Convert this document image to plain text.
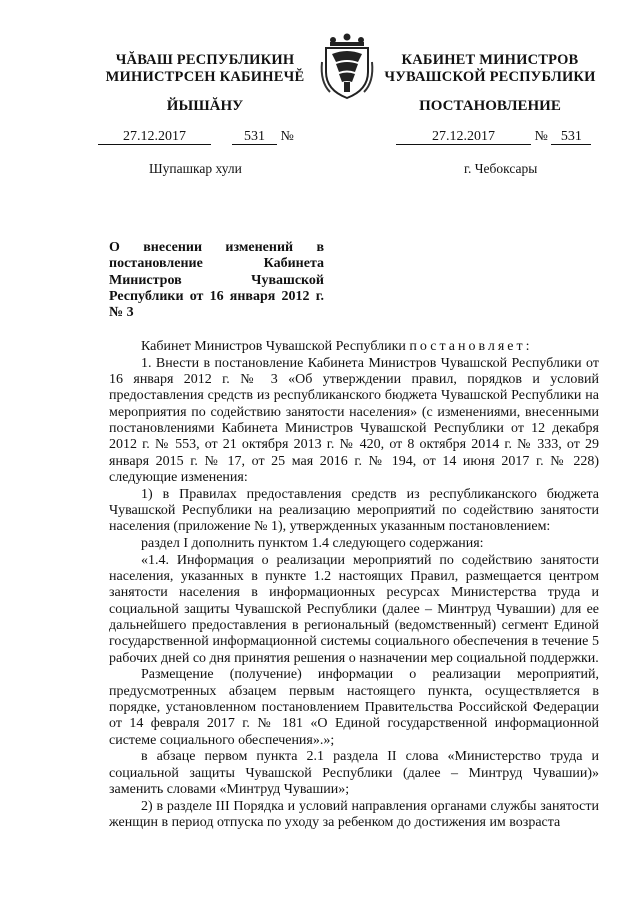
ЧĂВАШ РЕСПУБЛИКИН
МИНИСТРСЕН КАБИНЕЧĔ
ЙЫШĂНУ
КАБИНЕТ МИНИСТРОВ
ЧУВАШСКОЙ РЕСПУБЛИКИ
ПОСТАНОВЛЕНИЕ
27.12.2017	531 №	27.12.2017	№ 531
Шупашкар хули	г. Чебоксары
О внесении изменений в постановление Кабинета Министров Чувашской Республики от 16 января 2012 г. № 3

Кабинет Министров Чувашской Республики постановляет:

1. Внести в постановление Кабинета Министров Чувашской Республики от 16 января 2012 г. № 3 «Об утверждении правил, порядков и условий предоставления средств из республиканского бюджета Чувашской Республики на мероприятия по содействию занятости населения» (с изменениями, внесенными постановлениями Кабинета Министров Чувашской Республики от 12 декабря 2012 г. № 553, от 21 октября 2013 г. № 420, от 8 октября 2014 г. № 333, от 29 января 2015 г. № 17, от 25 мая 2016 г. № 194, от 14 июня 2017 г. № 228) следующие изменения:

1) в Правилах предоставления средств из республиканского бюджета Чувашской Республики на реализацию мероприятий по содействию занятости населения (приложение № 1), утвержденных указанным постановлением:

раздел I дополнить пунктом 1.4 следующего содержания:

«1.4. Информация о реализации мероприятий по содействию занятости населения, указанных в пункте 1.2 настоящих Правил, размещается центром занятости населения в информационных ресурсах Министерства труда и социальной защиты Чувашской Республики (далее – Минтруд Чувашии) для ее дальнейшего предоставления в региональный (ведомственный) сегмент Единой государственной информационной системы социального обеспечения в течение 5 рабочих дней со дня принятия решения о назначении мер социальной поддержки.

Размещение (получение) информации о реализации мероприятий, предусмотренных абзацем первым настоящего пункта, осуществляется в порядке, установленном постановлением Правительства Российской Федерации от 14 февраля 2017 г. № 181 «О Единой государственной информационной системе социального обеспечения».»;

в абзаце первом пункта 2.1 раздела II слова «Министерство труда и социальной защиты Чувашской Республики (далее – Минтруд Чувашии)» заменить словами «Минтруд Чувашии»;

2) в разделе III Порядка и условий направления органами службы занятости женщин в период отпуска по уходу за ребенком до достижения им возраста
